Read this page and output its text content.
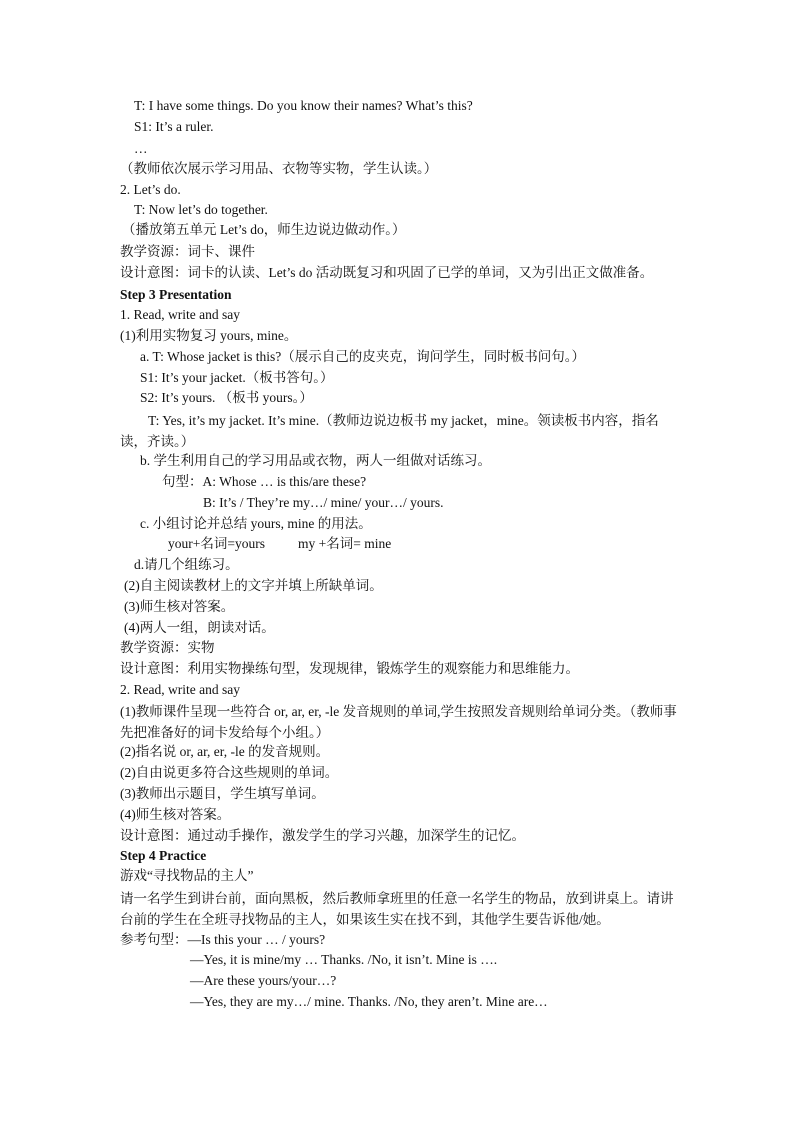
T: I have some things. Do you know their names? What’s this?
S1: It’s a ruler.
…
（教师依次展示学习用品、衣物等实物，学生认读。）
2. Let’s do.
T: Now let’s do together.
（播放第五单元 Let’s do，师生边说边做动作。）
教学资源：词卡、课件
设计意图：词卡的认读、Let’s do 活动既复习和巩固了已学的单词，又为引出正文做准备。
Step 3 Presentation
1. Read, write and say
(1)利用实物复习 yours, mine。
a. T: Whose jacket is this?（展示自己的皮夹克，询问学生，同时板书问句。）
S1: It’s your jacket.（板书答句。）
S2: It’s yours. （板书 yours。）
T: Yes, it’s my jacket. It’s mine.（教师边说边板书 my jacket，mine。领读板书内容，指名读，齐读。）
b. 学生利用自己的学习用品或衣物，两人一组做对话练习。
句型：A: Whose … is this/are these?
B: It’s / They’re my…/ mine/ your…/ yours.
c. 小组讨论并总结 yours, mine 的用法。
your+名词=yours my +名词= mine
d.请几个组练习。
(2)自主阅读教材上的文字并填上所缺单词。
(3)师生核对答案。
(4)两人一组，朗读对话。
教学资源：实物
设计意图：利用实物操练句型，发现规律，锻炼学生的观察能力和思维能力。
2. Read, write and say
(1)教师课件呈现一些符合 or, ar, er, -le 发音规则的单词,学生按照发音规则给单词分类。（教师事先把准备好的词卡发给每个小组。）
(2)指名说 or, ar, er, -le 的发音规则。
(2)自由说更多符合这些规则的单词。
(3)教师出示题目，学生填写单词。
(4)师生核对答案。
设计意图：通过动手操作，激发学生的学习兴趣，加深学生的记忆。
Step 4 Practice
游戏“寻找物品的主人”
请一名学生到讲台前，面向黑板，然后教师拿班里的任意一名学生的物品，放到讲桌上。请讲台前的学生在全班寻找物品的主人，如果该生实在找不到，其他学生要告诉他/她。
参考句型：—Is this your … / yours?
—Yes, it is mine/my … Thanks. /No, it isn’t. Mine is ….
—Are these yours/your…?
—Yes, they are my…/ mine. Thanks. /No, they aren’t. Mine are…
